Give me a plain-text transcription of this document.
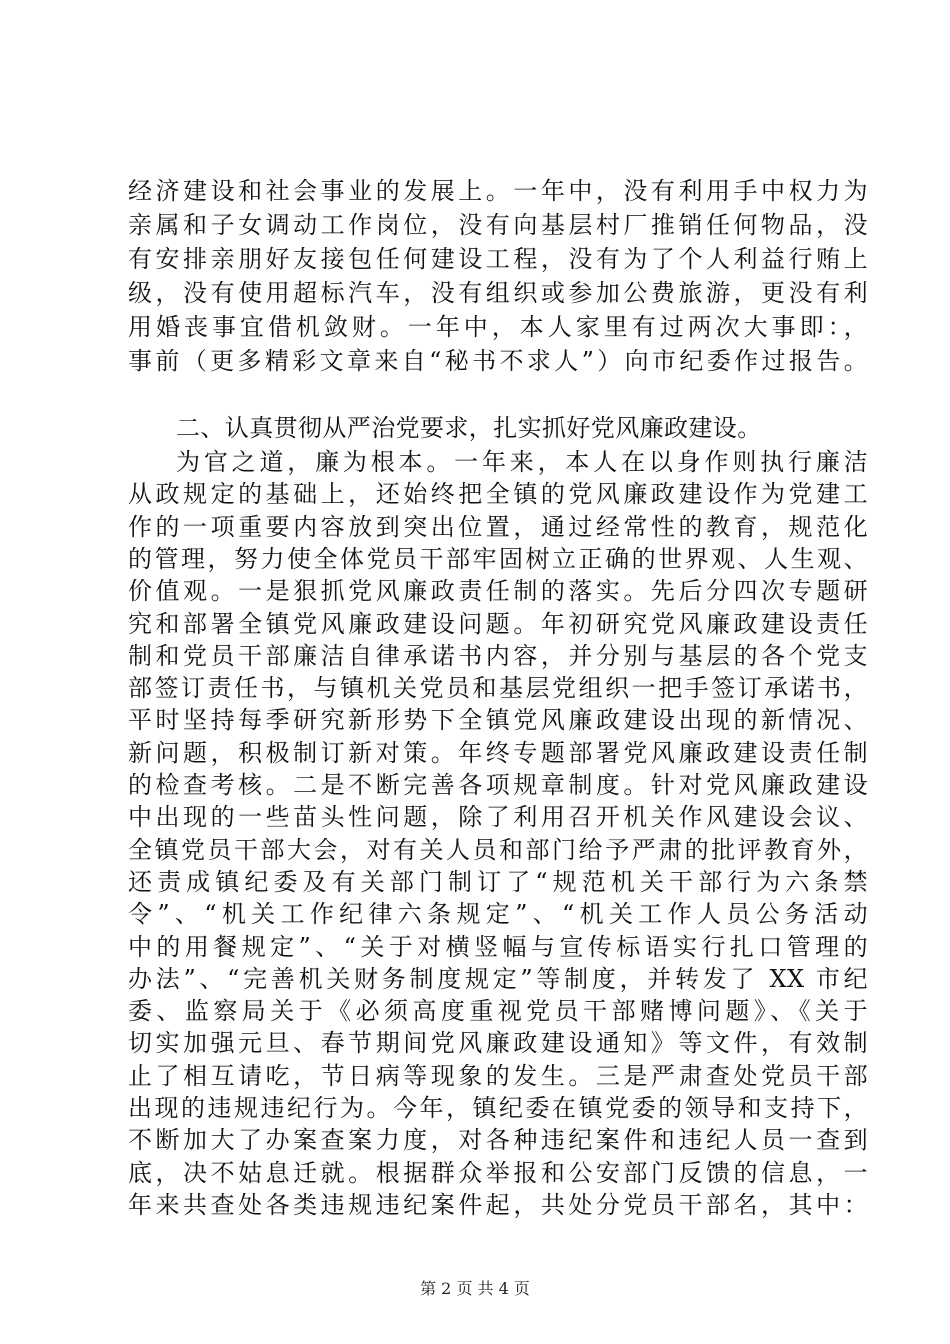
经济建设和社会事业的发展上。一年中，没有利用手中权力为
亲属和子女调动工作岗位，没有向基层村厂推销任何物品，没
有安排亲朋好友接包任何建设工程，没有为了个人利益行贿上
级，没有使用超标汽车，没有组织或参加公费旅游，更没有利
用婚丧事宜借机敛财。一年中，本人家里有过两次大事即：，
事前（更多精彩文章来自“秘书不求人”）向市纪委作过报告。
二、认真贯彻从严治党要求，扎实抓好党风廉政建设。
为官之道，廉为根本。一年来，本人在以身作则执行廉洁
从政规定的基础上，还始终把全镇的党风廉政建设作为党建工
作的一项重要内容放到突出位置，通过经常性的教育，规范化
的管理，努力使全体党员干部牢固树立正确的世界观、人生观、
价值观。一是狠抓党风廉政责任制的落实。先后分四次专题研
究和部署全镇党风廉政建设问题。年初研究党风廉政建设责任
制和党员干部廉洁自律承诺书内容，并分别与基层的各个党支
部签订责任书，与镇机关党员和基层党组织一把手签订承诺书，
平时坚持每季研究新形势下全镇党风廉政建设出现的新情况、
新问题，积极制订新对策。年终专题部署党风廉政建设责任制
的检查考核。二是不断完善各项规章制度。针对党风廉政建设
中出现的一些苗头性问题，除了利用召开机关作风建设会议、
全镇党员干部大会，对有关人员和部门给予严肃的批评教育外，
还责成镇纪委及有关部门制订了“规范机关干部行为六条禁
令”、“机关工作纪律六条规定”、“机关工作人员公务活动
中的用餐规定”、“关于对横竖幅与宣传标语实行扎口管理的
办法”、“完善机关财务制度规定”等制度，并转发了 XX 市纪
委、监察局关于《必须高度重视党员干部赌博问题》、《关于
切实加强元旦、春节期间党风廉政建设通知》等文件，有效制
止了相互请吃，节日病等现象的发生。三是严肃查处党员干部
出现的违规违纪行为。今年，镇纪委在镇党委的领导和支持下，
不断加大了办案查案力度，对各种违纪案件和违纪人员一查到
底，决不姑息迁就。根据群众举报和公安部门反馈的信息，一
年来共查处各类违规违纪案件起，共处分党员干部名，其中：
第 2 页 共 4 页
